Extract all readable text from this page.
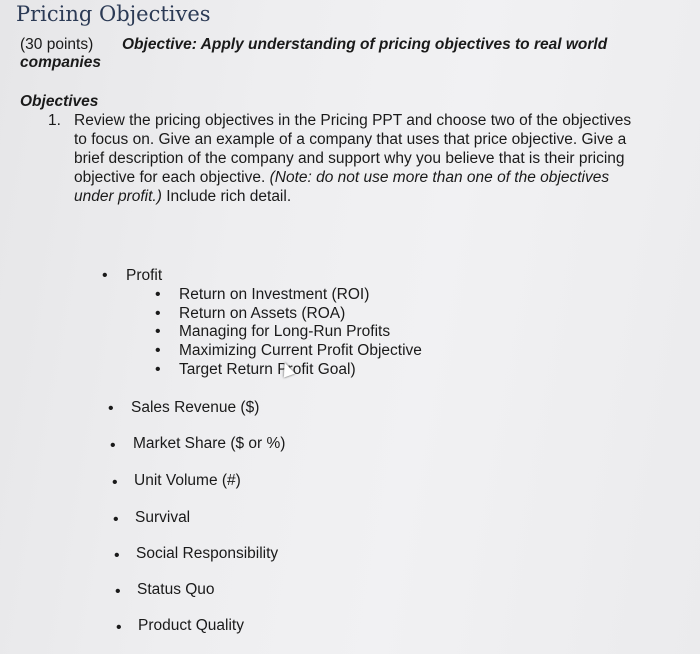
Pricing Objectives
(30 points) Objective: Apply understanding of pricing objectives to real world
companies
Objectives
1. Review the pricing objectives in the Pricing PPT and choose two of the objectives
to focus on. Give an example of a company that uses that price objective. Give a
brief description of the company and support why you believe that is their pricing
objective for each objective. (Note: do not use more than one of the objectives
under profit.) Include rich detail.
• Profit
• Return on Investment (ROI)
• Return on Assets (ROA)
• Managing for Long-Run Profits
• Maximizing Current Profit Objective
• Target Return Profit Goal)
• Sales Revenue ($)
• Market Share ($ or %)
• Unit Volume (#)
• Survival
• Social Responsibility
• Status Quo
• Product Quality
